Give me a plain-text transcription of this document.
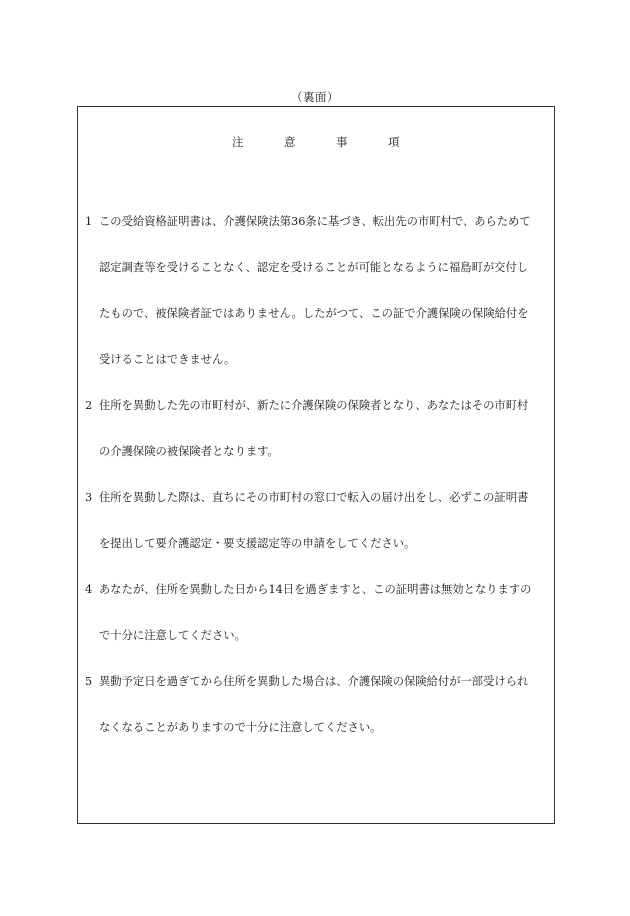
（裏面）
注	意	事	項
1 この受給資格証明書は、介護保険法第36条に基づき、転出先の市町村で、あらためて
認定調査等を受けることなく、認定を受けることが可能となるように福島町が交付し
たもので、被保険者証ではありません。したがつて、この証で介護保険の保険給付を
受けることはできません。
2 住所を異動した先の市町村が、新たに介護保険の保険者となり、あなたはその市町村
の介護保険の被保険者となります。
3 住所を異動した際は、直ちにその市町村の窓口で転入の届け出をし、必ずこの証明書
を提出して要介護認定・要支援認定等の申請をしてください。
4 あなたが、住所を異動した日から14日を過ぎますと、この証明書は無効となりますの
で十分に注意してください。
5 異動予定日を過ぎてから住所を異動した場合は、介護保険の保険給付が一部受けられ
なくなることがありますので十分に注意してください。
